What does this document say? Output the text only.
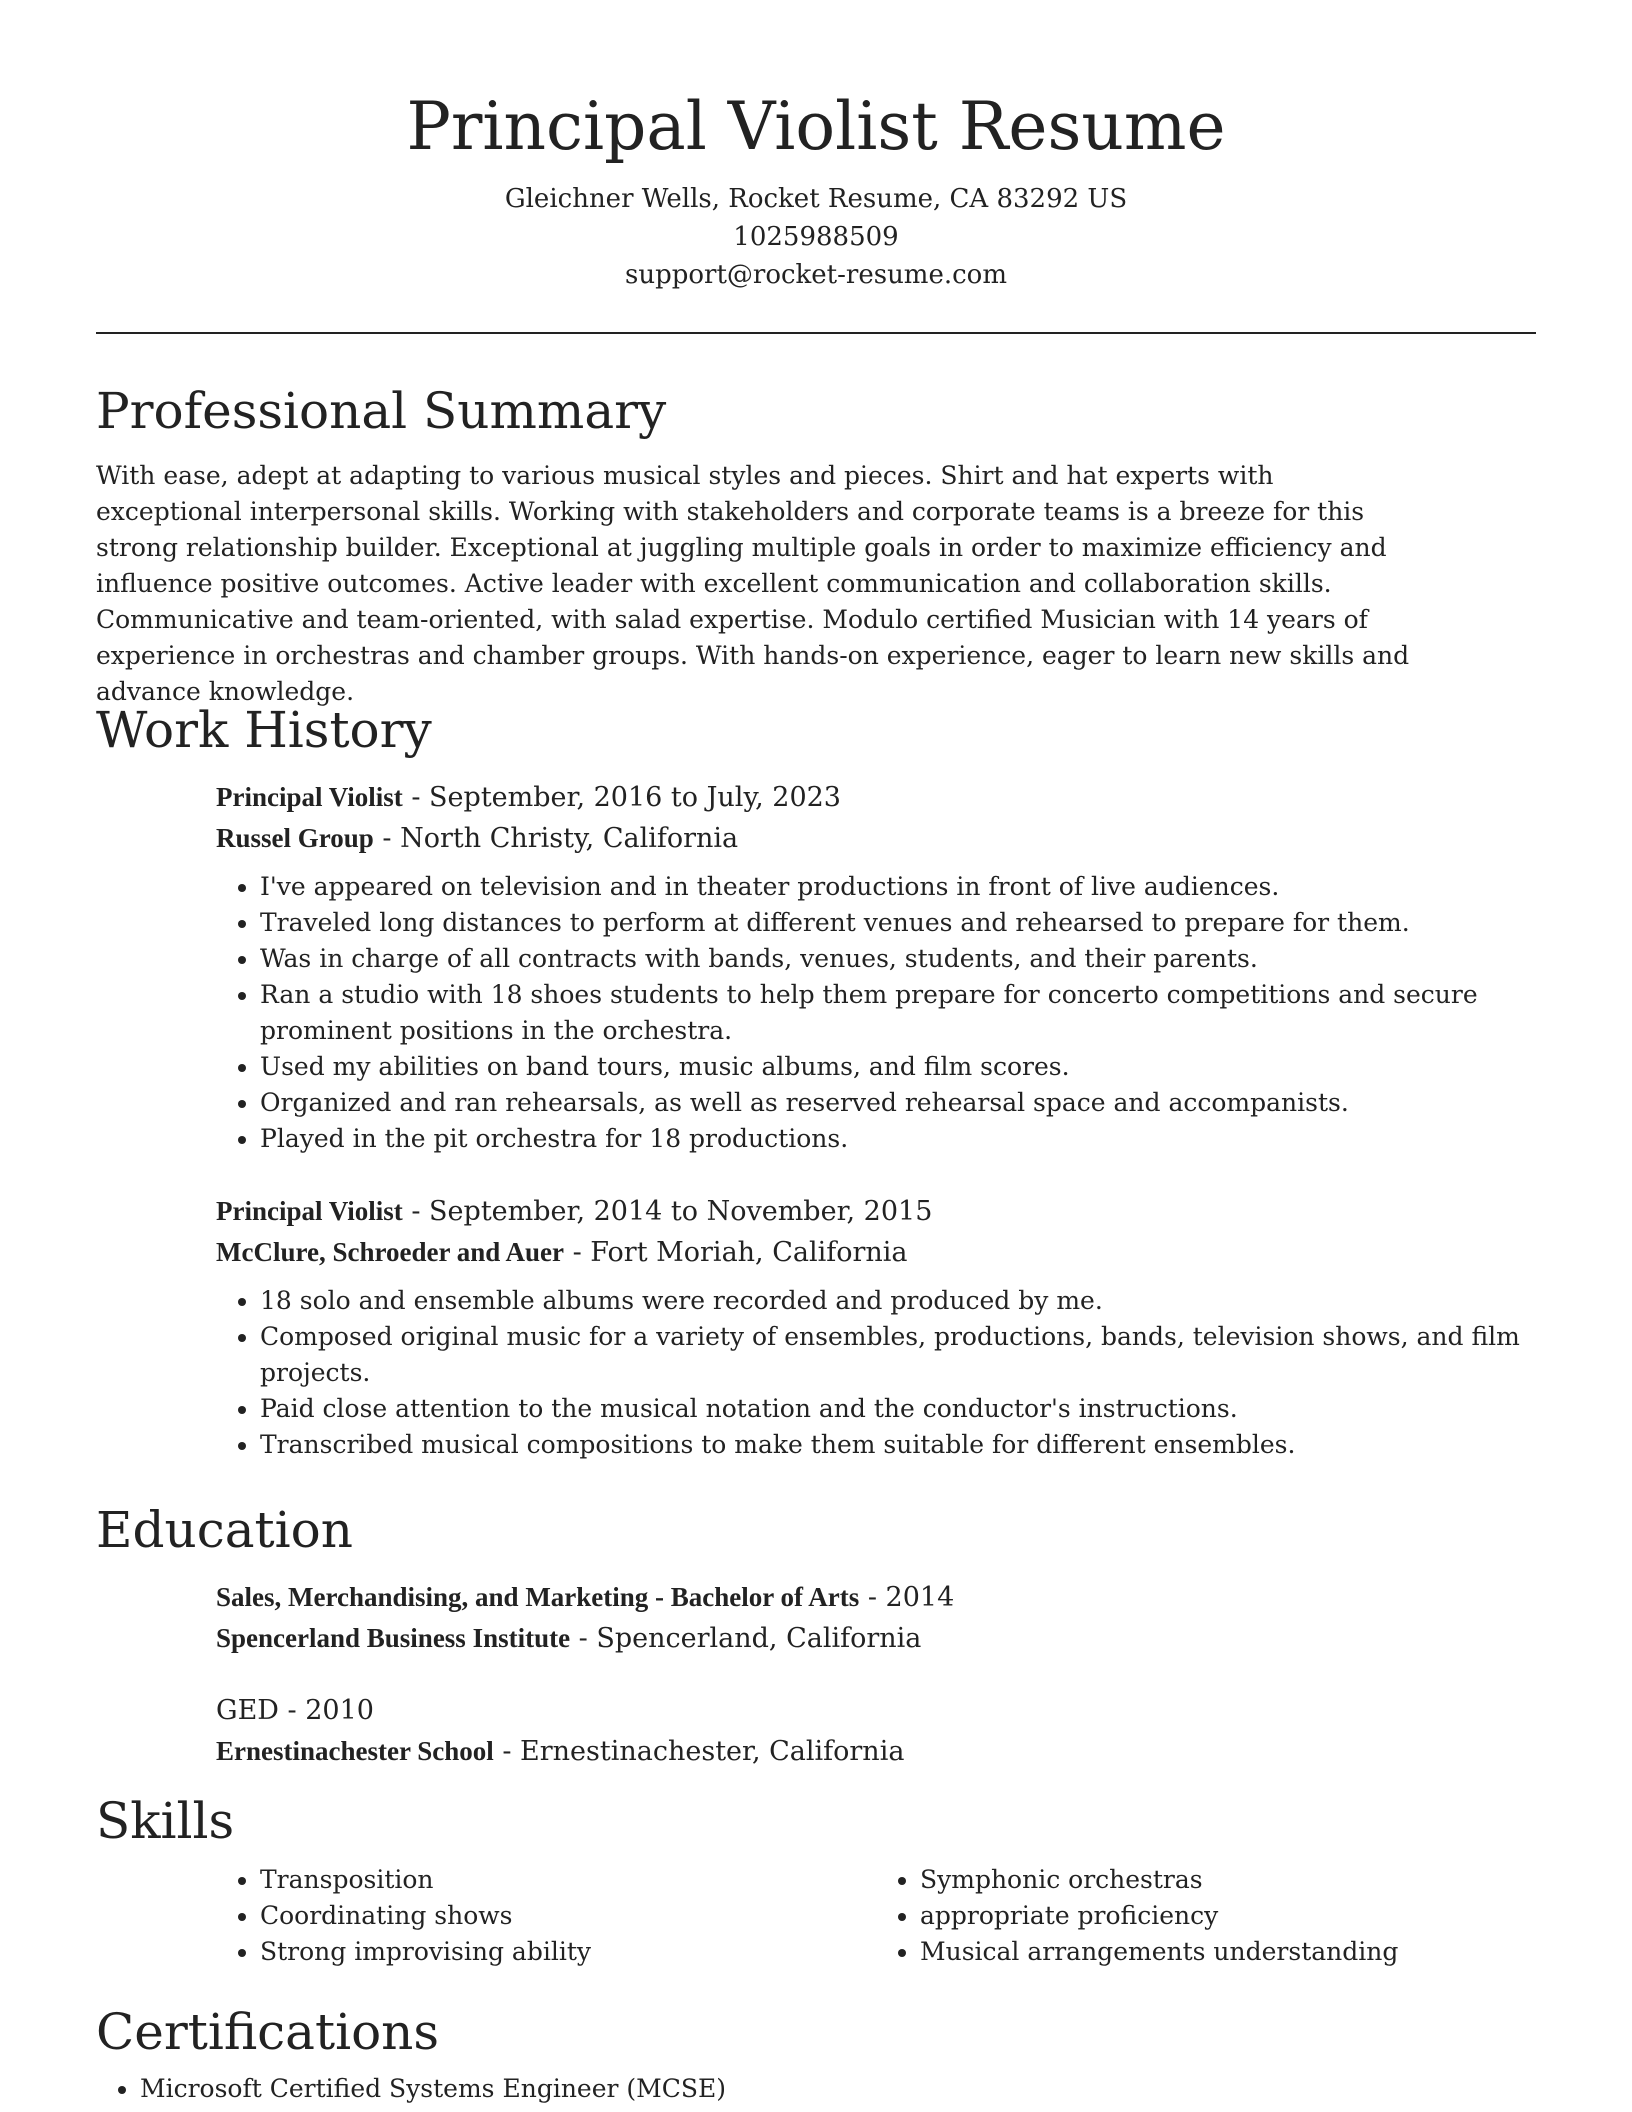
Principal Violist Resume
Gleichner Wells, Rocket Resume, CA 83292 US
1025988509
support@rocket-resume.com
Professional Summary

With ease, adept at adapting to various musical styles and pieces. Shirt and hat experts with exceptional interpersonal skills. Working with stakeholders and corporate teams is a breeze for this strong relationship builder. Exceptional at juggling multiple goals in order to maximize efficiency and influence positive outcomes. Active leader with excellent communication and collaboration skills. Communicative and team-oriented, with salad expertise. Modulo certified Musician with 14 years of experience in orchestras and chamber groups. With hands-on experience, eager to learn new skills and advance knowledge.

Work History
Principal Violist - September, 2016 to July, 2023
Russel Group - North Christy, California
• I've appeared on television and in theater productions in front of live audiences.
• Traveled long distances to perform at different venues and rehearsed to prepare for them.
• Was in charge of all contracts with bands, venues, students, and their parents.
• Ran a studio with 18 shoes students to help them prepare for concerto competitions and secure prominent positions in the orchestra.
• Used my abilities on band tours, music albums, and film scores.
• Organized and ran rehearsals, as well as reserved rehearsal space and accompanists.
• Played in the pit orchestra for 18 productions.
Principal Violist - September, 2014 to November, 2015
McClure, Schroeder and Auer - Fort Moriah, California
• 18 solo and ensemble albums were recorded and produced by me.
• Composed original music for a variety of ensembles, productions, bands, television shows, and film projects.
• Paid close attention to the musical notation and the conductor's instructions.
• Transcribed musical compositions to make them suitable for different ensembles.
Education
Sales, Merchandising, and Marketing - Bachelor of Arts - 2014
Spencerland Business Institute - Spencerland, California
GED - 2010
Ernestinachester School - Ernestinachester, California
Skills
• Transposition
• Coordinating shows
• Strong improvising ability
• Symphonic orchestras
• appropriate proficiency
• Musical arrangements understanding
Certifications
• Microsoft Certified Systems Engineer (MCSE)
